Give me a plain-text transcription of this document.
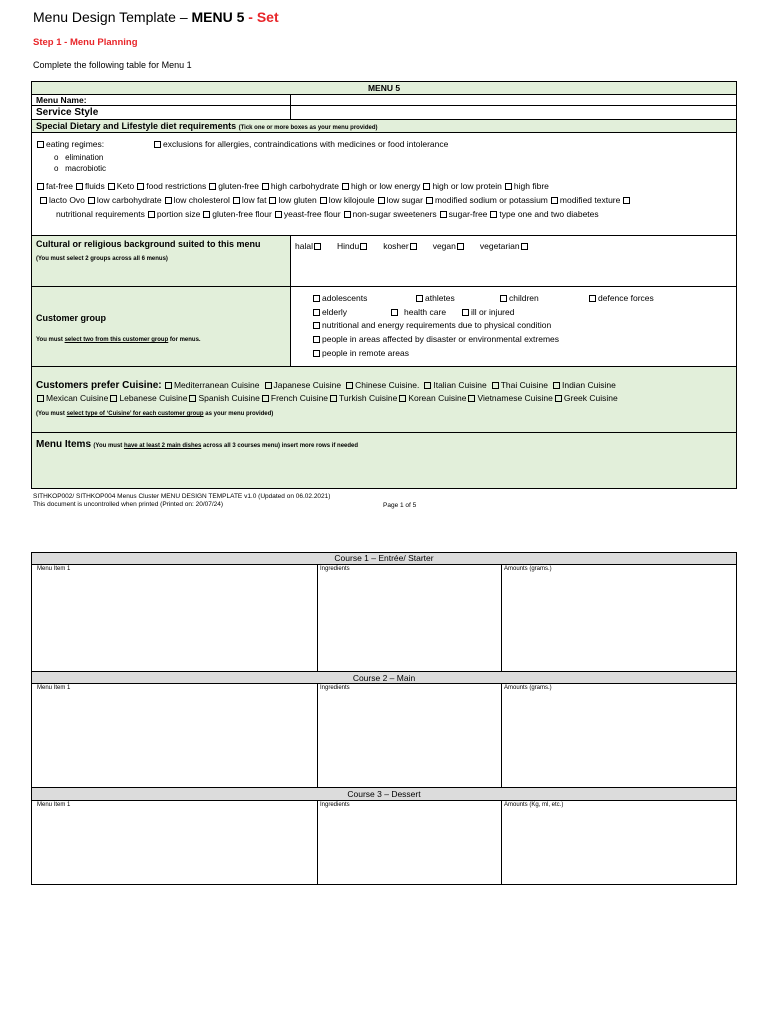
Menu Design Template – MENU 5 - Set
Step 1 - Menu Planning
Complete the following table for Menu 1
MENU 5
Menu Name:
Service Style
Special Dietary and Lifestyle diet requirements (Tick one or more boxes as your menu provided)
eating regimes:	exclusions for allergies, contraindications with medicines or food intolerance
o   elimination
o   macrobiotic
fat-free fluids Keto food restrictions gluten-free high carbohydrate high or low energy high or low protein high fibre
lacto Ovo low carbohydrate low cholesterol low fat low gluten low kilojoule low sugar modified sodium or potassium modified texture
nutritional requirements portion size gluten-free flour yeast-free flour non-sugar sweeteners sugar-free type one and two diabetes
Cultural or religious background suited to this menu
(You must select 2 groups across all 6 menus)
halal	Hindu	kosher	vegan	vegetarian
Customer group
You must select two from this customer group for menus.
adolescents	athletes	children	defence forces
elderly	health care	ill or injured
nutritional and energy requirements due to physical condition
people in areas affected by disaster or environmental extremes
people in remote areas
Customers prefer Cuisine: Mediterranean Cuisine Japanese Cuisine Chinese Cuisine. Italian Cuisine Thai Cuisine Indian Cuisine
Mexican Cuisine Lebanese Cuisine Spanish Cuisine French Cuisine Turkish Cuisine Korean Cuisine Vietnamese Cuisine Greek Cuisine
(You must select type of ‘Cuisine’ for each customer group as your menu provided)
Menu Items (You must have at least 2 main dishes across all 3 courses menu) insert more rows if needed
SITHKOP002/ SITHKOP004 Menus Cluster MENU DESIGN TEMPLATE v1.0 (Updated on 06.02.2021)
This document is uncontrolled when printed (Printed on: 20/07/24)	Page 1 of 5
Course 1 – Entrée/ Starter
Menu Item 1	Ingredients	Amounts (grams.)
Course 2 – Main
Menu Item 1	Ingredients	Amounts (grams.)
Course 3 – Dessert
Menu Item 1	Ingredients	Amounts (Kg, ml, etc.)
